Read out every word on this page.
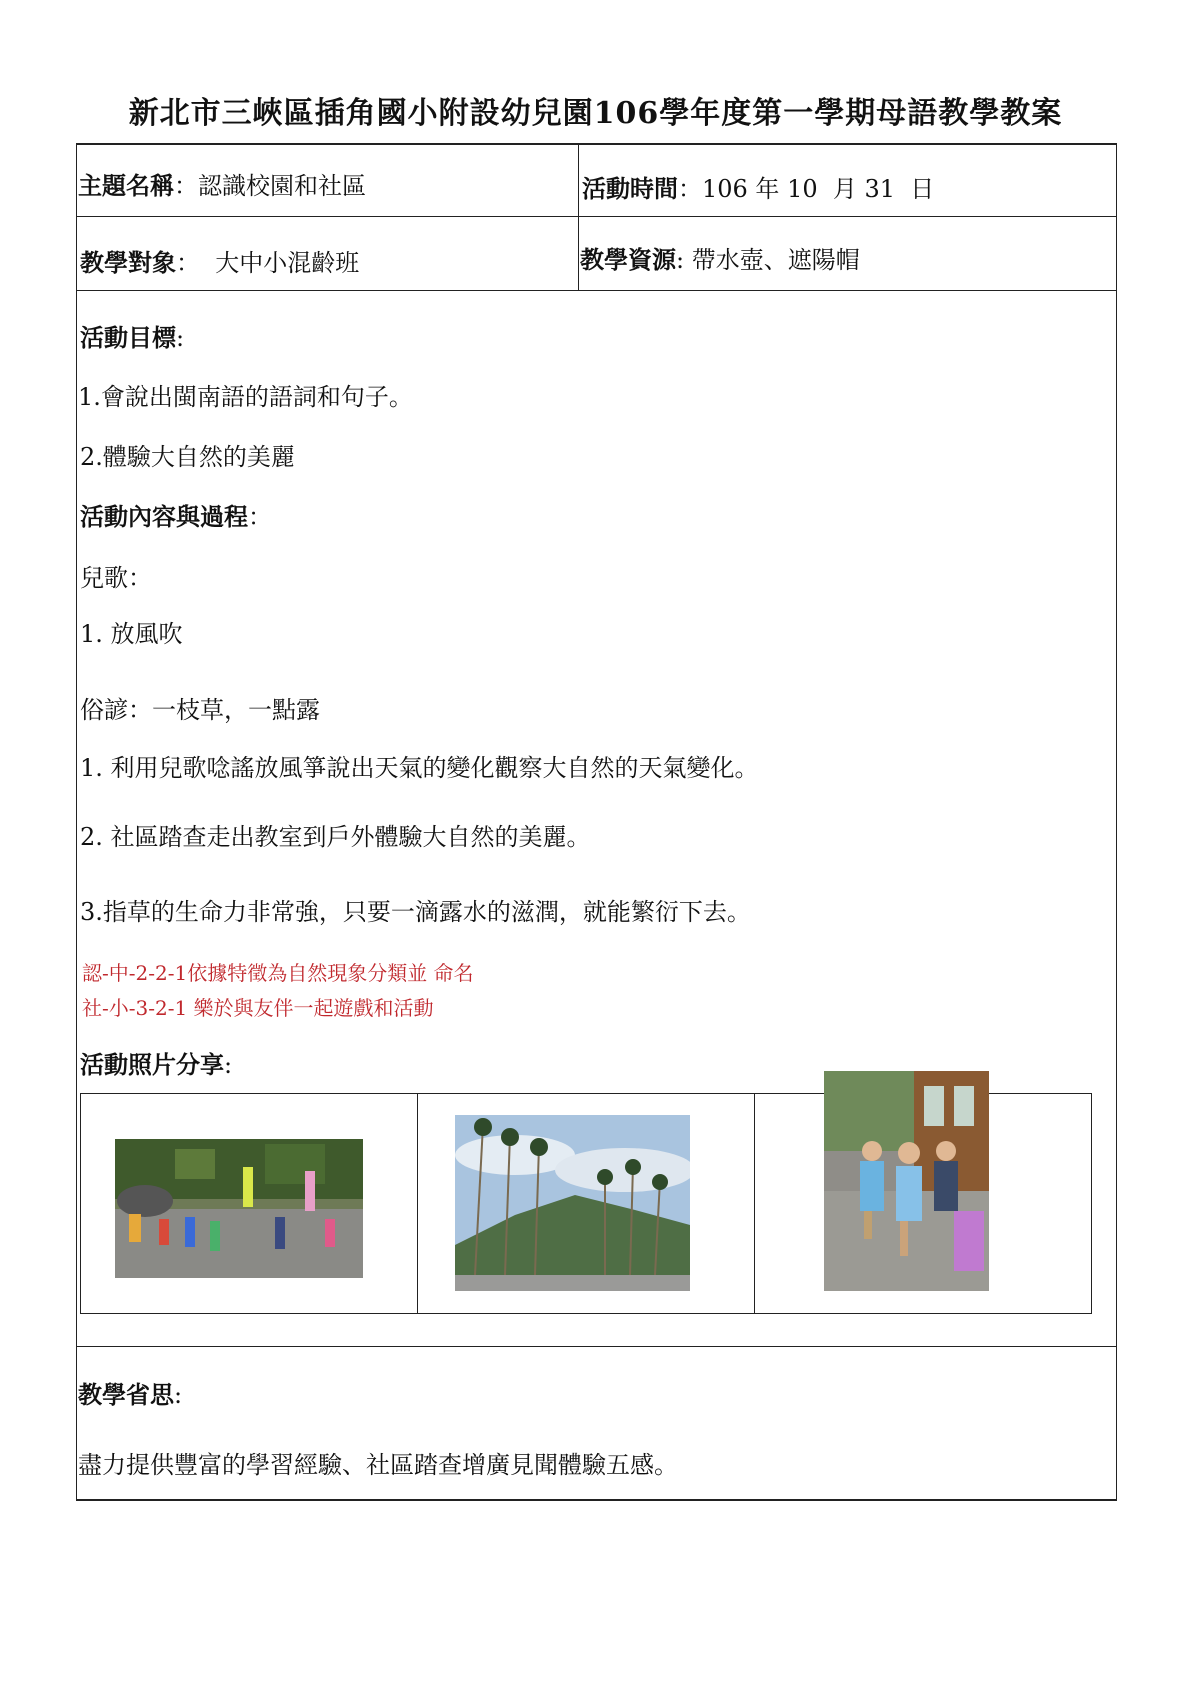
新北市三峽區插角國小附設幼兒園106學年度第一學期母語教學教案
主題名稱：認識校園和社區	活動時間：106 年 10  月 31  日
教學對象：  大中小混齡班	教學資源: 帶水壺、遮陽帽
活動目標:
1.會說出閩南語的語詞和句子。
2.體驗大自然的美麗
活動內容與過程：
兒歌：
1. 放風吹
俗諺：一枝草，一點露
1. 利用兒歌唸謠放風箏說出天氣的變化觀察大自然的天氣變化。
2. 社區踏查走出教室到戶外體驗大自然的美麗。
3.指草的生命力非常強，只要一滴露水的滋潤，就能繁衍下去。
認-中-2-2-1依據特徵為自然現象分類並 命名
社-小-3-2-1 樂於與友伴一起遊戲和活動
活動照片分享:
教學省思:
盡力提供豐富的學習經驗、社區踏查增廣見聞體驗五感。
